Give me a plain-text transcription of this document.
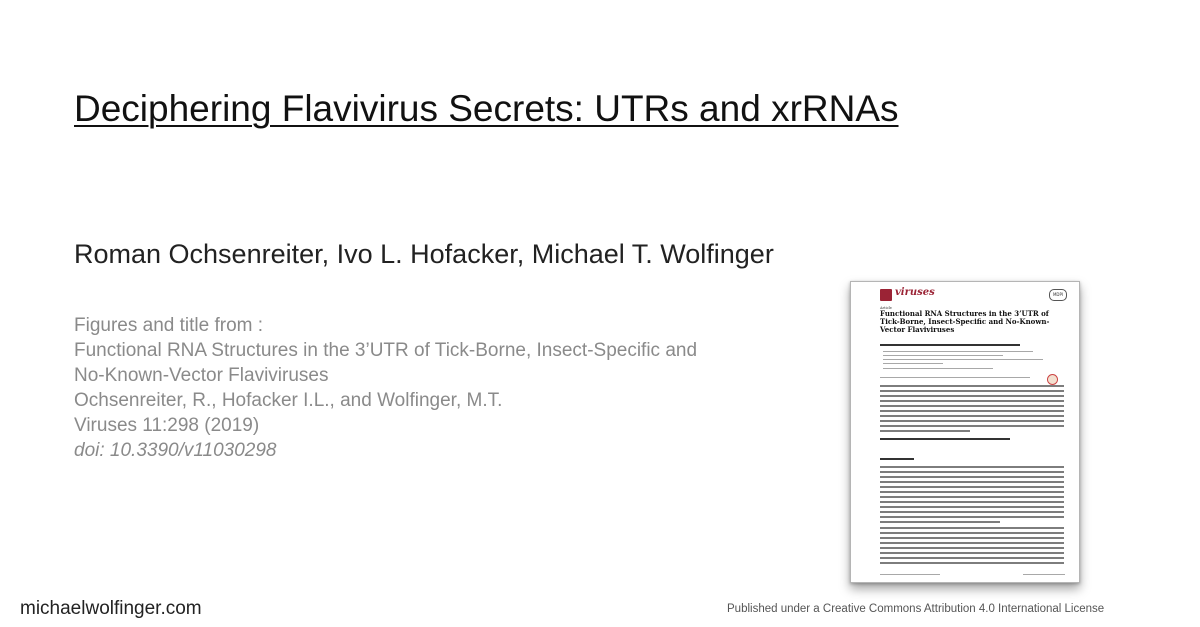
Deciphering Flavivirus Secrets: UTRs and xrRNAs
Roman Ochsenreiter, Ivo L. Hofacker, Michael T. Wolfinger
Figures and title from :
Functional RNA Structures in the 3’UTR of Tick-Borne, Insect-Specific and
No-Known-Vector Flaviviruses
Ochsenreiter, R., Hofacker I.L., and Wolfinger, M.T.
Viruses 11:298 (2019)
doi: 10.3390/v11030298
viruses	MDPI
Article
Functional RNA Structures in the 3’UTR of Tick-Borne, Insect-Specific and No-Known-Vector Flaviviruses
michaelwolfinger.com	Published under a Creative Commons Attribution 4.0 International License
